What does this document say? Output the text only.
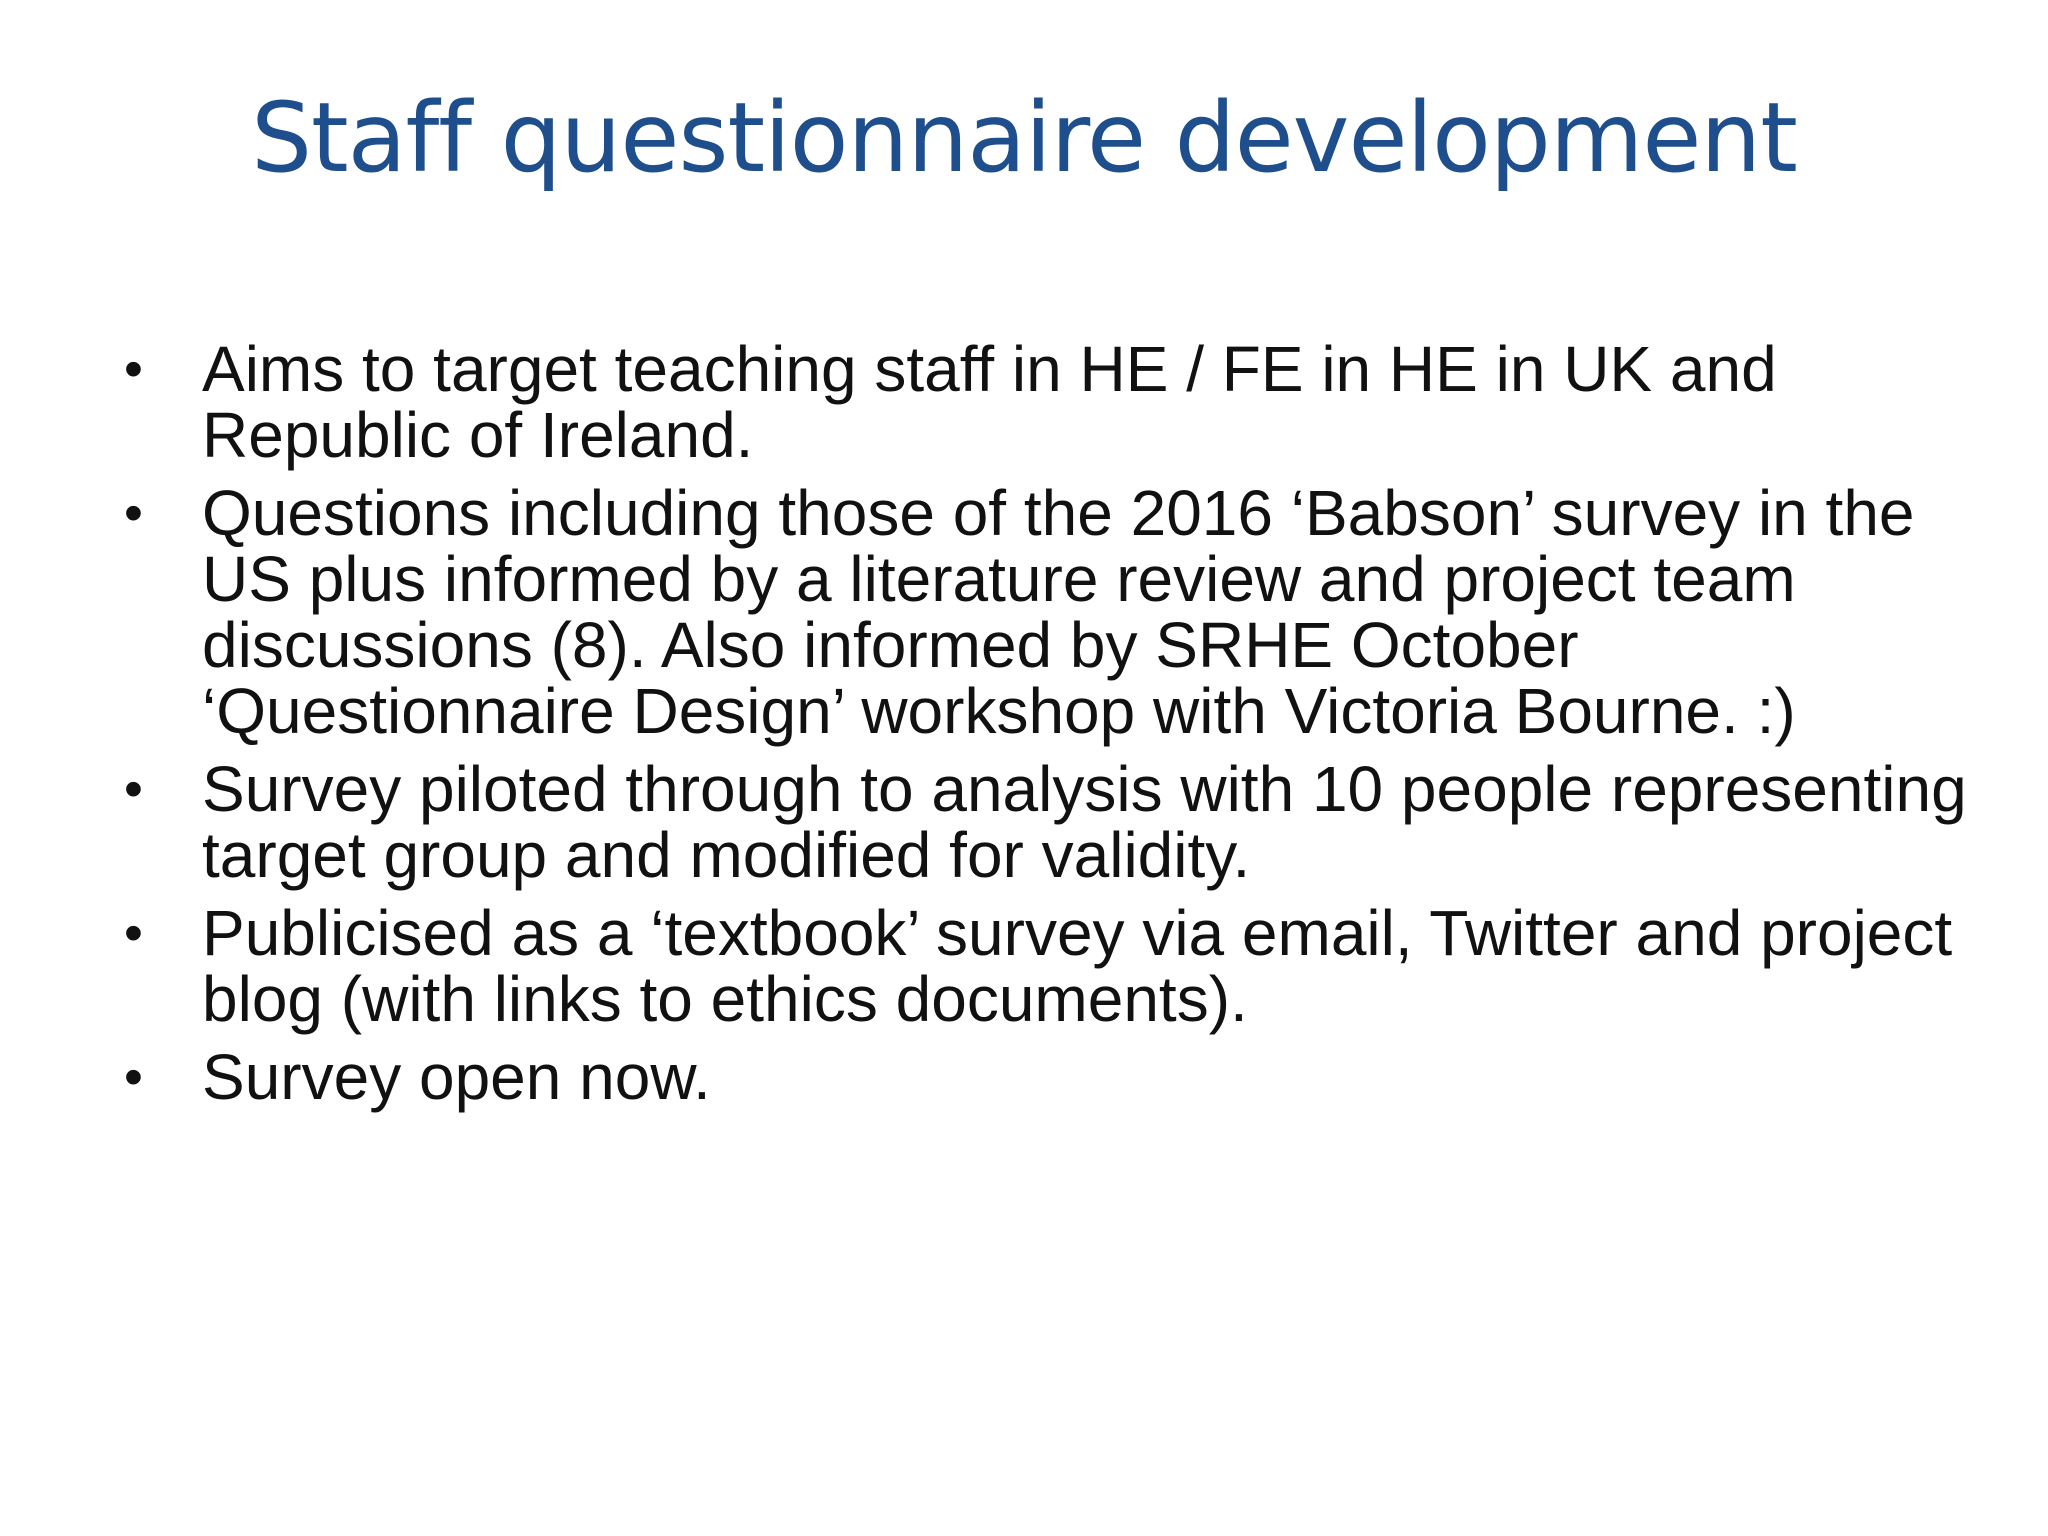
Staff questionnaire development
• Aims to target teaching staff in HE / FE in HE in UK and Republic of Ireland.
• Questions including those of the 2016 ‘Babson’ survey in the US plus informed by a literature review and project team discussions (8). Also informed by SRHE October ‘Questionnaire Design’ workshop with Victoria Bourne. :)
• Survey piloted through to analysis with 10 people representing target group and modified for validity.
• Publicised as a ‘textbook’ survey via email, Twitter and project blog (with links to ethics documents).
• Survey open now.
